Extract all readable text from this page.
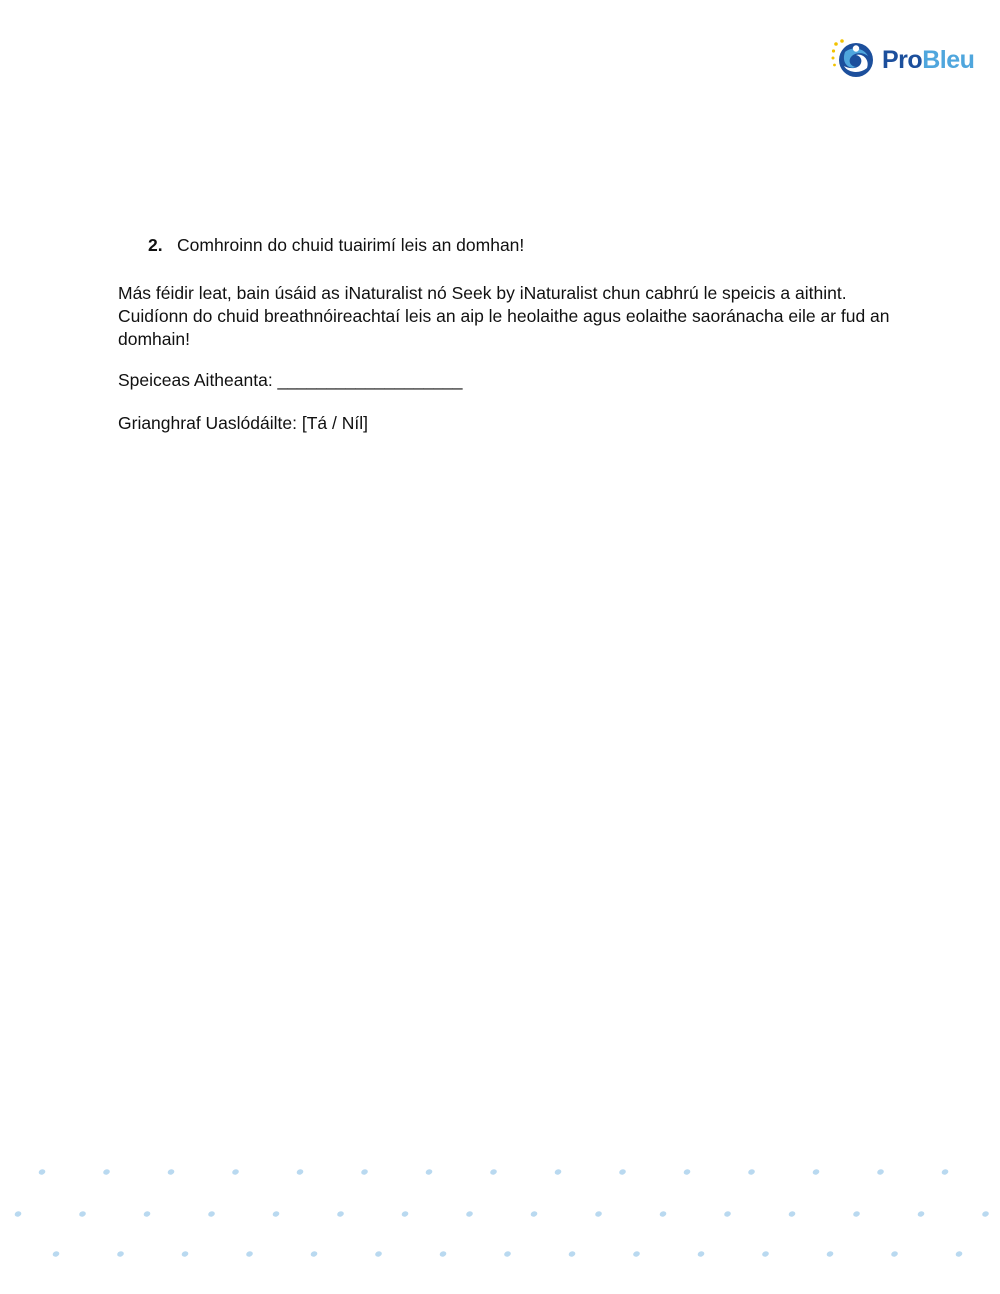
ProBleu
2. Comhroinn do chuid tuairimí leis an domhan!

Más féidir leat, bain úsáid as iNaturalist nó Seek by iNaturalist chun cabhrú le speicis a aithint. Cuidíonn do chuid breathnóireachtaí leis an aip le heolaithe agus eolaithe saoránacha eile ar fud an domhain!

Speiceas Aitheanta: ___________________

Grianghraf Uaslódáilte: [Tá / Níl]
